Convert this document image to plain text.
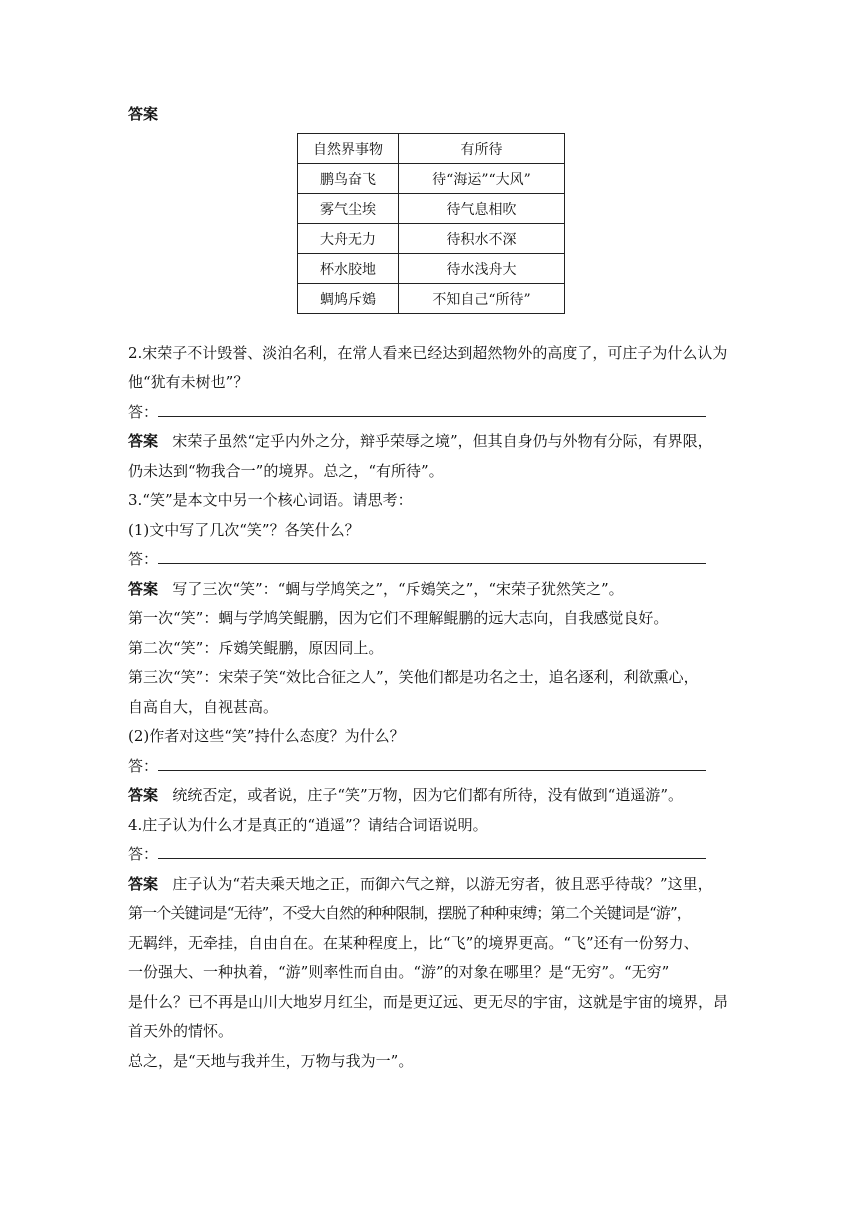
答案
自然界事物	有所待
鹏鸟奋飞	待“海运”“大风”
雾气尘埃	待气息相吹
大舟无力	待积水不深
杯水胶地	待水浅舟大
蜩鸠斥鴳	不知自己“所待”
2.宋荣子不计毁誉、淡泊名利，在常人看来已经达到超然物外的高度了，可庄子为什么认为
他“犹有未树也”？
答：
答案 宋荣子虽然“定乎内外之分，辩乎荣辱之境”，但其自身仍与外物有分际，有界限，
仍未达到“物我合一”的境界。总之，“有所待”。
3.“笑”是本文中另一个核心词语。请思考：
(1)文中写了几次“笑”？各笑什么？
答：
答案 写了三次“笑”：“蜩与学鸠笑之”，“斥鴳笑之”，“宋荣子犹然笑之”。
第一次“笑”：蜩与学鸠笑鲲鹏，因为它们不理解鲲鹏的远大志向，自我感觉良好。
第二次“笑”：斥鴳笑鲲鹏，原因同上。
第三次“笑”：宋荣子笑“效比合征之人”，笑他们都是功名之士，追名逐利，利欲熏心，
自高自大，自视甚高。
(2)作者对这些“笑”持什么态度？为什么？
答：
答案 统统否定，或者说，庄子“笑”万物，因为它们都有所待，没有做到“逍遥游”。
4.庄子认为什么才是真正的“逍遥”？请结合词语说明。
答：
答案 庄子认为“若夫乘天地之正，而御六气之辩，以游无穷者，彼且恶乎待哉？”这里，
第一个关键词是“无待”，不受大自然的种种限制，摆脱了种种束缚；第二个关键词是“游”，
无羁绊，无牵挂，自由自在。在某种程度上，比“飞”的境界更高。“飞”还有一份努力、
一份强大、一种执着，“游”则率性而自由。“游”的对象在哪里？是“无穷”。“无穷”
是什么？已不再是山川大地岁月红尘，而是更辽远、更无尽的宇宙，这就是宇宙的境界，昂
首天外的情怀。
总之，是“天地与我并生，万物与我为一”。
